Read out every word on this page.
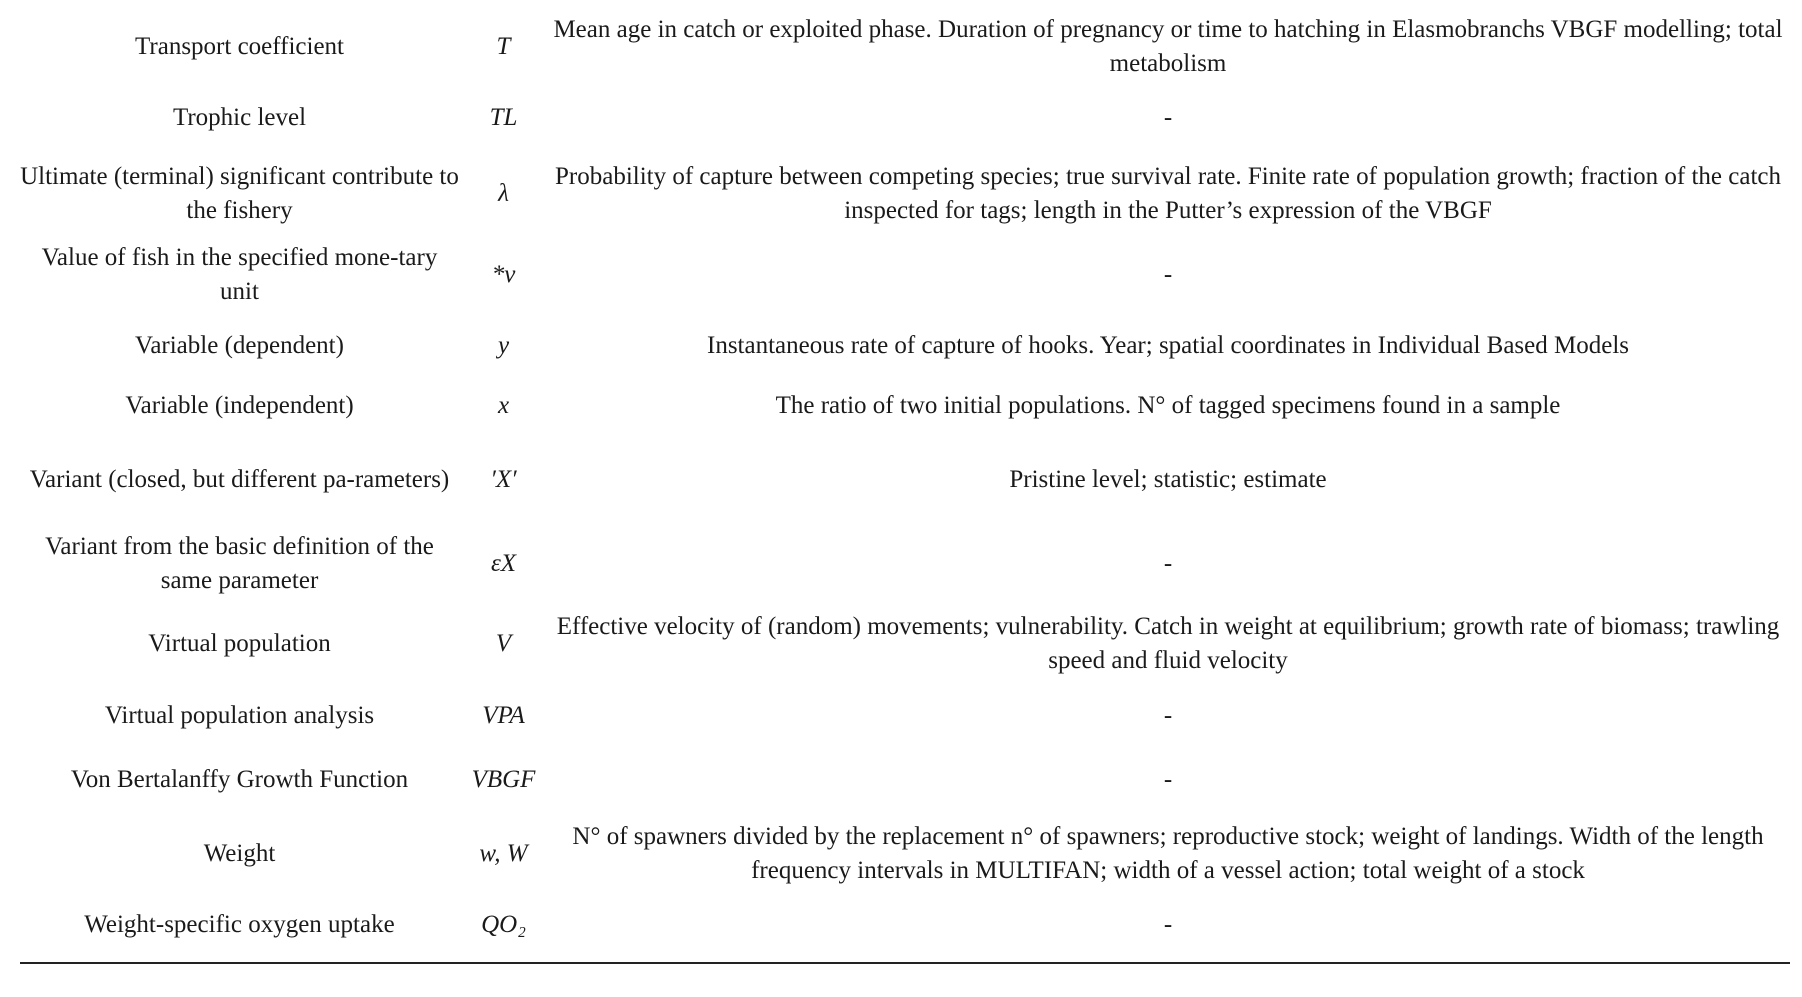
Transport coefficient	T	Mean age in catch or exploited phase. Duration of pregnancy or time to hatching in Elasmobranchs VBGF modelling; total metabolism
Trophic level	TL	-
Ultimate (terminal) significant contribute to the fishery	λ	Probability of capture between competing species; true survival rate. Finite rate of population growth; fraction of the catch inspected for tags; length in the Putter’s expression of the VBGF
Value of fish in the specified mone-tary unit	*v	-
Variable (dependent)	y	Instantaneous rate of capture of hooks. Year; spatial coordinates in Individual Based Models
Variable (independent)	x	The ratio of two initial populations. N° of tagged specimens found in a sample
Variant (closed, but different pa-rameters)	′X′	Pristine level; statistic; estimate
Variant from the basic definition of the same parameter	εX	-
Virtual population	V	Effective velocity of (random) movements; vulnerability. Catch in weight at equilibrium; growth rate of biomass; trawling speed and fluid velocity
Virtual population analysis	VPA	-
Von Bertalanffy Growth Function	VBGF	-
Weight	w, W	N° of spawners divided by the replacement n° of spawners; reproductive stock; weight of landings. Width of the length frequency intervals in MULTIFAN; width of a vessel action; total weight of a stock
Weight-specific oxygen uptake	QO₂	-
